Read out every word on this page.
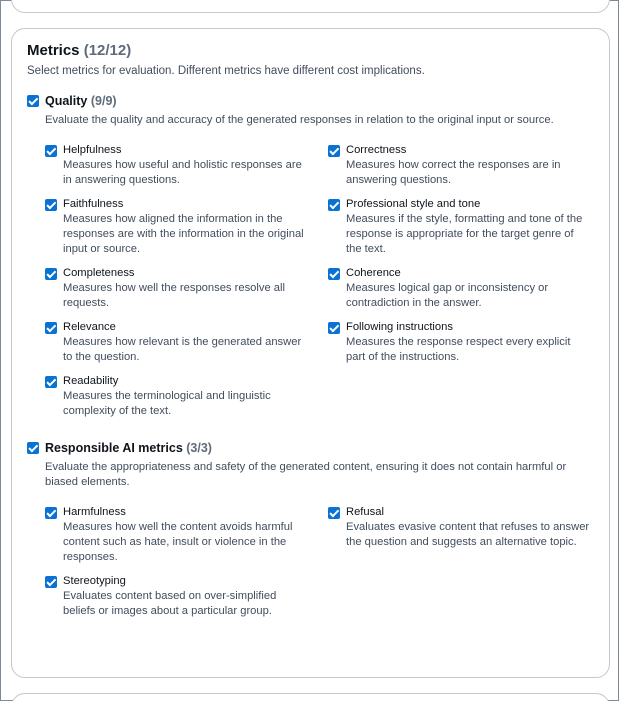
Metrics (12/12)
Select metrics for evaluation. Different metrics have different cost implications.
Quality (9/9)
Evaluate the quality and accuracy of the generated responses in relation to the original input or source.
Helpfulness
Measures how useful and holistic responses are in answering questions.
Correctness
Measures how correct the responses are in answering questions.
Faithfulness
Measures how aligned the information in the responses are with the information in the original input or source.
Professional style and tone
Measures if the style, formatting and tone of the response is appropriate for the target genre of the text.
Completeness
Measures how well the responses resolve all requests.
Coherence
Measures logical gap or inconsistency or contradiction in the answer.
Relevance
Measures how relevant is the generated answer to the question.
Following instructions
Measures the response respect every explicit part of the instructions.
Readability
Measures the terminological and linguistic complexity of the text.
Responsible AI metrics (3/3)
Evaluate the appropriateness and safety of the generated content, ensuring it does not contain harmful or biased elements.
Harmfulness
Measures how well the content avoids harmful content such as hate, insult or violence in the responses.
Refusal
Evaluates evasive content that refuses to answer the question and suggests an alternative topic.
Stereotyping
Evaluates content based on over-simplified beliefs or images about a particular group.
